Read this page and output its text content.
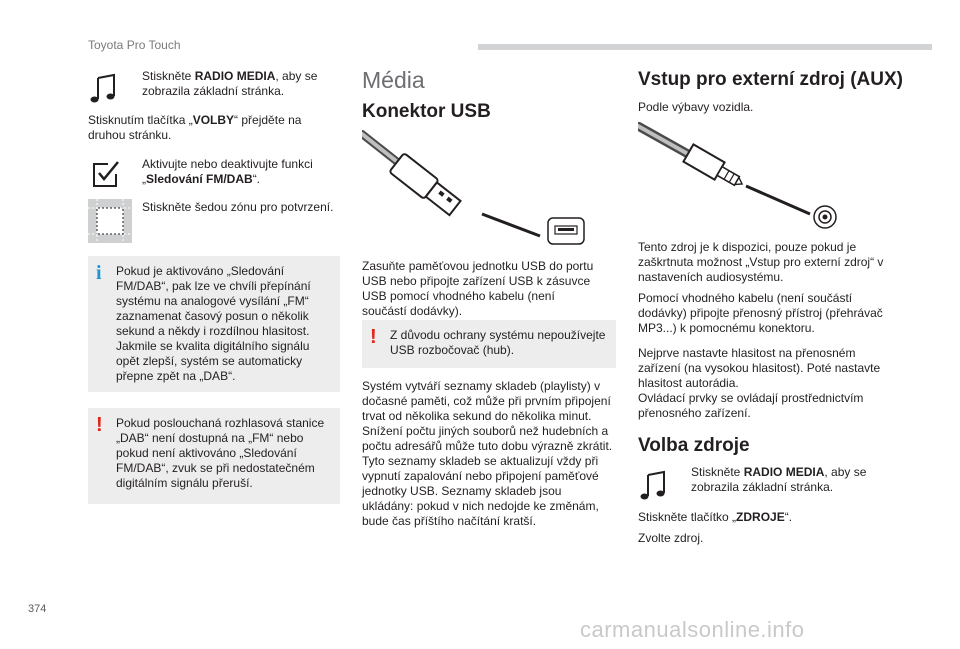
Toyota Pro Touch
Stiskněte RADIO MEDIA, aby se zobrazila základní stránka.
Stisknutím tlačítka „VOLBY“ přejděte na druhou stránku.
Aktivujte nebo deaktivujte funkci „Sledování FM/DAB“.
Stiskněte šedou zónu pro potvrzení.
i Pokud je aktivováno „Sledování FM/DAB“, pak lze ve chvíli přepínání systému na analogové vysílání „FM“ zaznamenat časový posun o několik sekund a někdy i rozdílnou hlasitost.
Jakmile se kvalita digitálního signálu opět zlepší, systém se automaticky přepne zpět na „DAB“.
! Pokud poslouchaná rozhlasová stanice „DAB“ není dostupná na „FM“ nebo pokud není aktivováno „Sledování FM/DAB“, zvuk se při nedostatečném digitálním signálu přeruší.
Média
Konektor USB
Zasuňte paměťovou jednotku USB do portu USB nebo připojte zařízení USB k zásuvce USB pomocí vhodného kabelu (není součástí dodávky).
! Z důvodu ochrany systému nepoužívejte USB rozbočovač (hub).
Systém vytváří seznamy skladeb (playlisty) v dočasné paměti, což může při prvním připojení trvat od několika sekund do několika minut. Snížení počtu jiných souborů než hudebních a počtu adresářů může tuto dobu výrazně zkrátit. Tyto seznamy skladeb se aktualizují vždy při vypnutí zapalování nebo připojení paměťové jednotky USB. Seznamy skladeb jsou ukládány: pokud v nich nedojde ke změnám, bude čas příštího načítání kratší.
Vstup pro externí zdroj (AUX)
Podle výbavy vozidla.
Tento zdroj je k dispozici, pouze pokud je zaškrtnuta možnost „Vstup pro externí zdroj“ v nastaveních audiosystému.
Pomocí vhodného kabelu (není součástí dodávky) připojte přenosný přístroj (přehrávač MP3...) k pomocnému konektoru.
Nejprve nastavte hlasitost na přenosném zařízení (na vysokou hlasitost). Poté nastavte hlasitost autorádia.
Ovládací prvky se ovládají prostřednictvím přenosného zařízení.
Volba zdroje
Stiskněte RADIO MEDIA, aby se zobrazila základní stránka.
Stiskněte tlačítko „ZDROJE“.
Zvolte zdroj.
374
carmanualsonline.info
